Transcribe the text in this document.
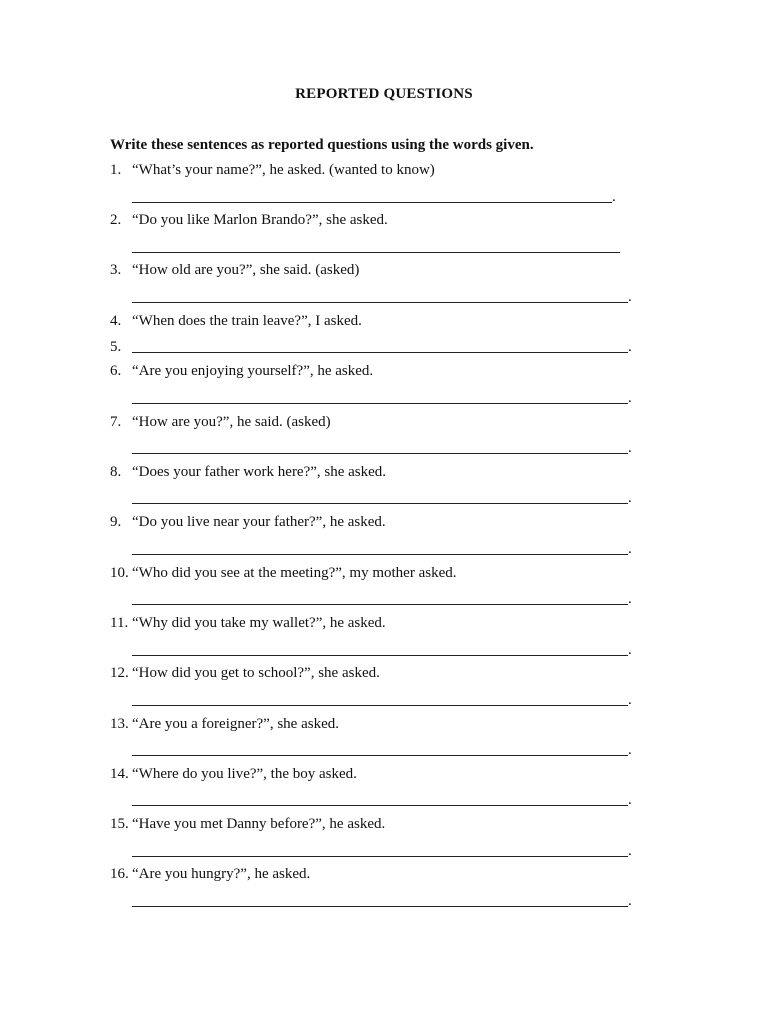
REPORTED QUESTIONS
Write these sentences as reported questions using the words given.
1. “What’s your name?”, he asked. (wanted to know)
2. “Do you like Marlon Brando?”, she asked.
3. “How old are you?”, she said. (asked)
4. “When does the train leave?”, I asked.
5.	.
6. “Are you enjoying yourself?”, he asked.
7. “How are you?”, he said. (asked)
8. “Does your father work here?”, she asked.
9. “Do you live near your father?”, he asked.
10. “Who did you see at the meeting?”, my mother asked.
11. “Why did you take my wallet?”, he asked.
12. “How did you get to school?”, she asked.
13. “Are you a foreigner?”, she asked.
14. “Where do you live?”, the boy asked.
15. “Have you met Danny before?”, he asked.
16. “Are you hungry?”, he asked.
.
.
.
.
.
.
.
.
.
.
.
.
.
